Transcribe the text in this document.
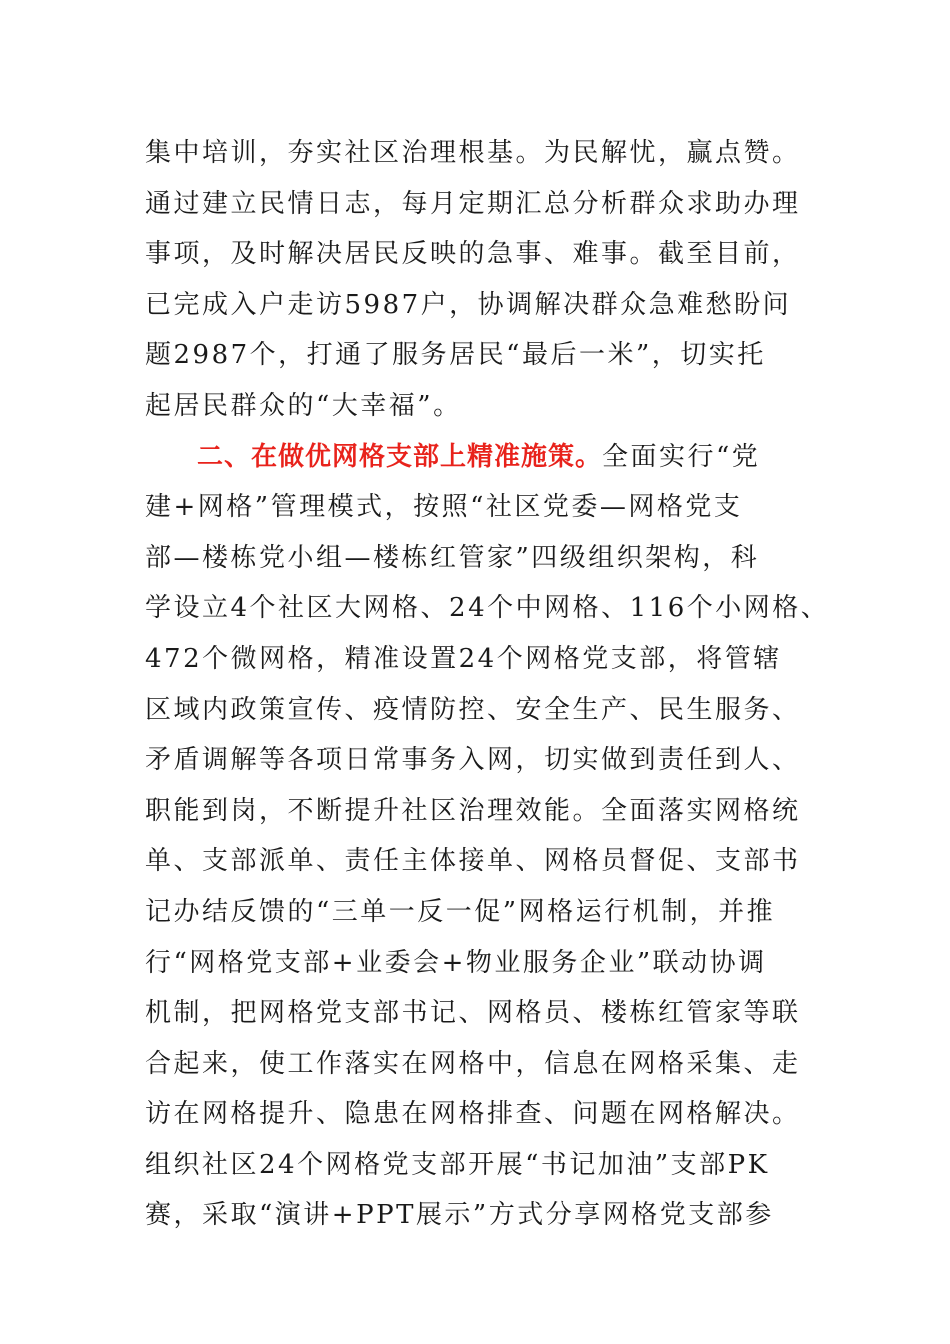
集中培训，夯实社区治理根基。为民解忧，赢点赞。
通过建立民情日志，每月定期汇总分析群众求助办理
事项，及时解决居民反映的急事、难事。截至目前，
已完成入户走访5987户，协调解决群众急难愁盼问
题2987个，打通了服务居民“最后一米”，切实托
起居民群众的“大幸福”。
二、在做优网格支部上精准施策。全面实行“党
建+网格”管理模式，按照“社区党委—网格党支
部—楼栋党小组—楼栋红管家”四级组织架构，科
学设立4个社区大网格、24个中网格、116个小网格、
472个微网格，精准设置24个网格党支部，将管辖
区域内政策宣传、疫情防控、安全生产、民生服务、
矛盾调解等各项日常事务入网，切实做到责任到人、
职能到岗，不断提升社区治理效能。全面落实网格统
单、支部派单、责任主体接单、网格员督促、支部书
记办结反馈的“三单一反一促”网格运行机制，并推
行“网格党支部+业委会+物业服务企业”联动协调
机制，把网格党支部书记、网格员、楼栋红管家等联
合起来，使工作落实在网格中，信息在网格采集、走
访在网格提升、隐患在网格排查、问题在网格解决。
组织社区24个网格党支部开展“书记加油”支部PK
赛，采取“演讲+PPT展示”方式分享网格党支部参
